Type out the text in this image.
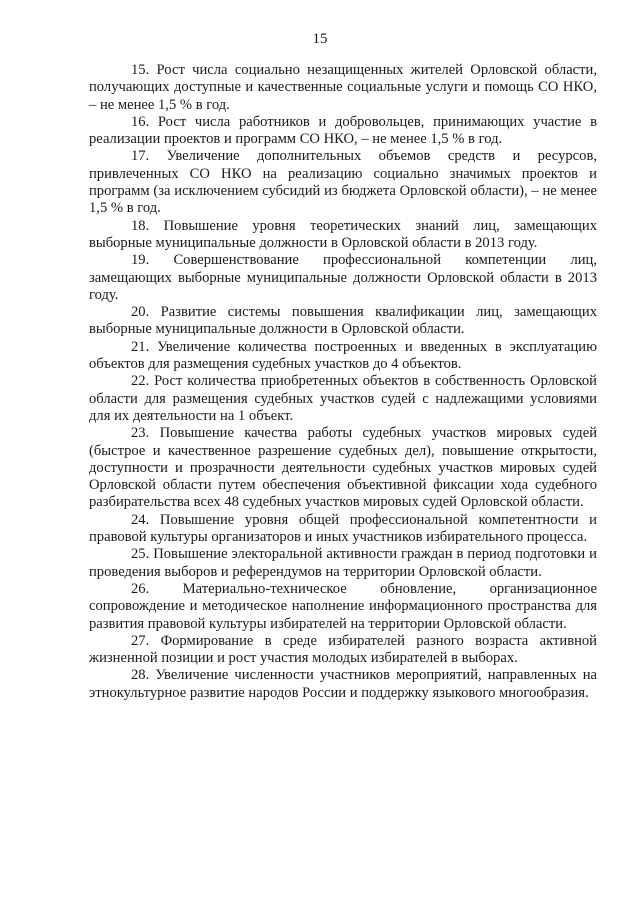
15

15. Рост числа социально незащищенных жителей Орловской области, получающих доступные и качественные социальные услуги и помощь СО НКО, – не менее 1,5 % в год.

16. Рост числа работников и добровольцев, принимающих участие в реализации проектов и программ СО НКО, – не менее 1,5 % в год.

17. Увеличение дополнительных объемов средств и ресурсов, привлеченных СО НКО на реализацию социально значимых проектов и программ (за исключением субсидий из бюджета Орловской области), – не менее 1,5 % в год.

18. Повышение уровня теоретических знаний лиц, замещающих выборные муниципальные должности в Орловской области в 2013 году.

19. Совершенствование профессиональной компетенции лиц, замещающих выборные муниципальные должности Орловской области в 2013 году.

20. Развитие системы повышения квалификации лиц, замещающих выборные муниципальные должности в Орловской области.

21. Увеличение количества построенных и введенных в эксплуатацию объектов для размещения судебных участков до 4 объектов.

22. Рост количества приобретенных объектов в собственность Орловской области для размещения судебных участков судей с надлежащими условиями для их деятельности на 1 объект.

23. Повышение качества работы судебных участков мировых судей (быстрое и качественное разрешение судебных дел), повышение открытости, доступности и прозрачности деятельности судебных участков мировых судей Орловской области путем обеспечения объективной фиксации хода судебного разбирательства всех 48 судебных участков мировых судей Орловской области.

24. Повышение уровня общей профессиональной компетентности и правовой культуры организаторов и иных участников избирательного процесса.

25. Повышение электоральной активности граждан в период подготовки и проведения выборов и референдумов на территории Орловской области.

26. Материально-техническое обновление, организационное сопровождение и методическое наполнение информационного пространства для развития правовой культуры избирателей на территории Орловской области.

27. Формирование в среде избирателей разного возраста активной жизненной позиции и рост участия молодых избирателей в выборах.

28. Увеличение численности участников мероприятий, направленных на этнокультурное развитие народов России и поддержку языкового многообразия.
